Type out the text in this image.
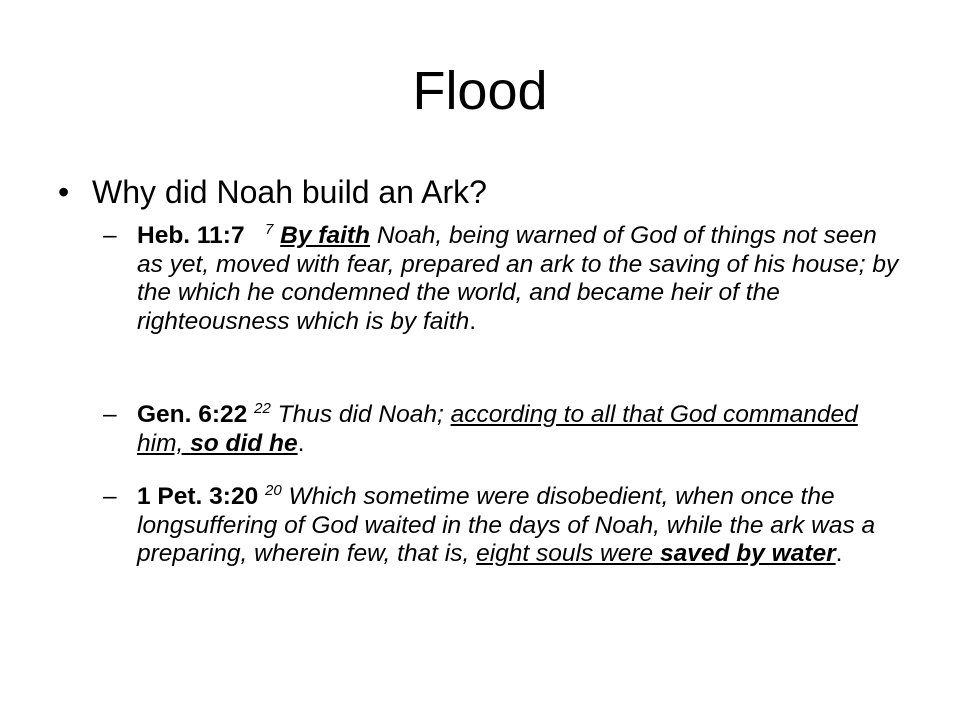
Flood
• Why did Noah build an Ark?
– Heb. 11:7 $^7$ By faith Noah, being warned of God of things not seen as yet, moved with fear, prepared an ark to the saving of his house; by the which he condemned the world, and became heir of the righteousness which is by faith.
– Gen. 6:22 $^{22}$ Thus did Noah; according to all that God commanded him, so did he.
– 1 Pet. 3:20 $^{20}$ Which sometime were disobedient, when once the longsuffering of God waited in the days of Noah, while the ark was a preparing, wherein few, that is, eight souls were saved by water.
